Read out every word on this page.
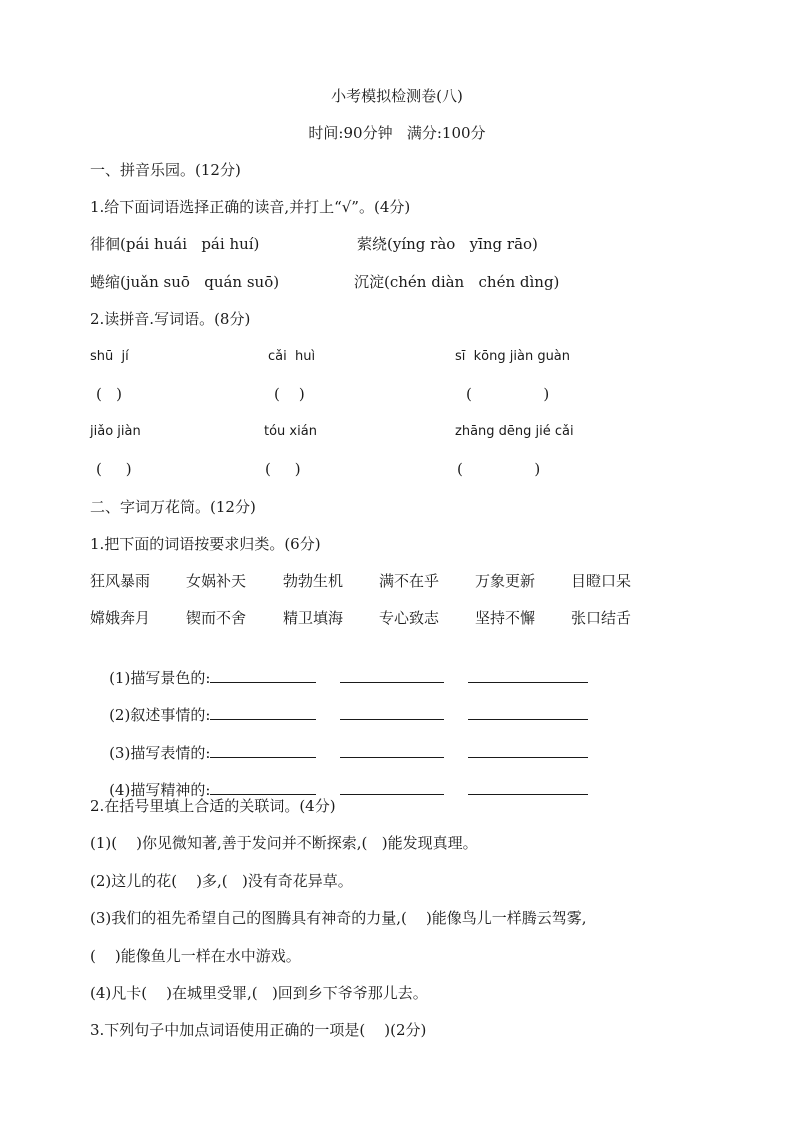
小考模拟检测卷(八)
时间:90分钟   满分:100分
一、拼音乐园。(12分)
1.给下面词语选择正确的读音,并打上“√”。(4分)
徘徊(pái huái   pái huí)	萦绕(yíng rào   yīng rāo)
蜷缩(juǎn suō   quán suō)	沉淀(chén diàn   chén dìng)
2.读拼音.写词语。(8分)
shū  jí	cǎi  huì	sī  kōng jiàn guàn
(   )	(    )	(               )
jiǎo jiàn	tóu xián	zhāng dēng jié cǎi
(     )	(     )	(               )
二、字词万花筒。(12分)
1.把下面的词语按要求归类。(6分)
狂风暴雨 女娲补天 勃勃生机 满不在乎 万象更新 目瞪口呆
嫦娥奔月 锲而不舍 精卫填海 专心致志 坚持不懈 张口结舌

(1)描写景色的:

(2)叙述事情的:

(3)描写表情的:

(4)描写精神的:

2.在括号里填上合适的关联词。(4分)
(1)(    )你见微知著,善于发问并不断探索,(   )能发现真理。
(2)这儿的花(    )多,(   )没有奇花异草。
(3)我们的祖先希望自己的图腾具有神奇的力量,(    )能像鸟儿一样腾云驾雾,
(    )能像鱼儿一样在水中游戏。
(4)凡卡(    )在城里受罪,(   )回到乡下爷爷那儿去。
3.下列句子中加点词语使用正确的一项是(    )(2分)
